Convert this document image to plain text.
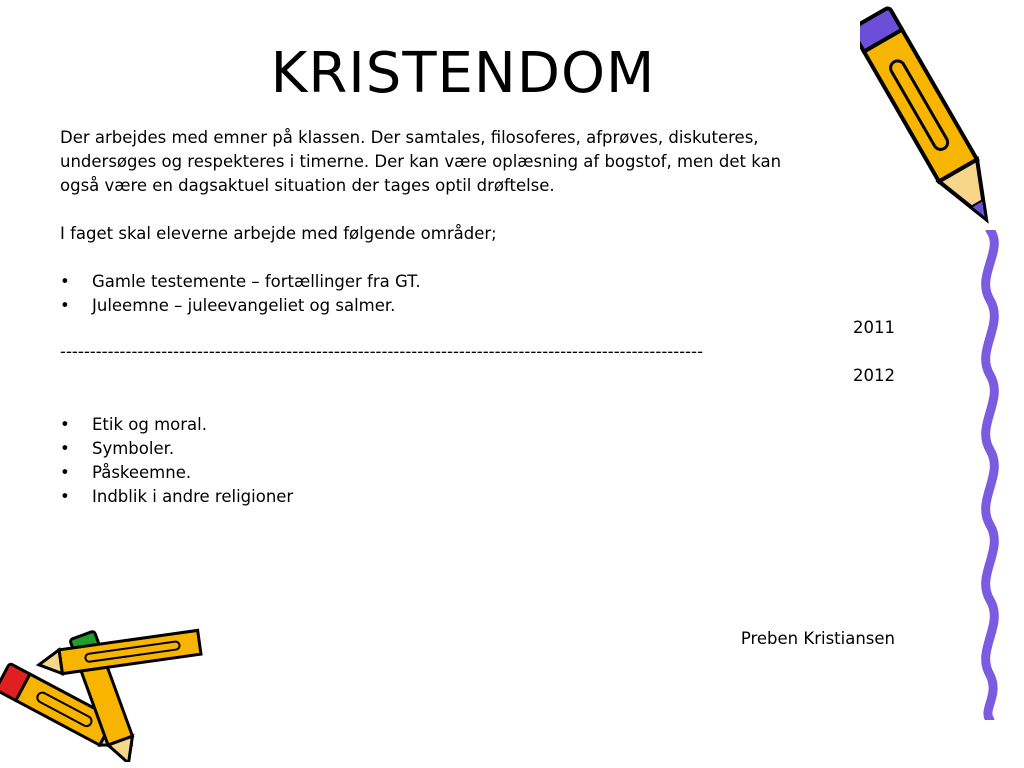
KRISTENDOM
Der arbejdes med emner på klassen. Der samtales, filosoferes, afprøves, diskuteres,
undersøges og respekteres i timerne. Der kan være oplæsning af bogstof, men det kan
også være en dagsaktuel situation der tages optil drøftelse.
I faget skal eleverne arbejde med følgende områder;
• Gamle testemente – fortællinger fra GT.
• Juleemne – juleevangeliet og salmer.
2011
------------------------------------------------------------------------------------------------------------
2012
• Etik og moral.
• Symboler.
• Påskeemne.
• Indblik i andre religioner
Preben Kristiansen
